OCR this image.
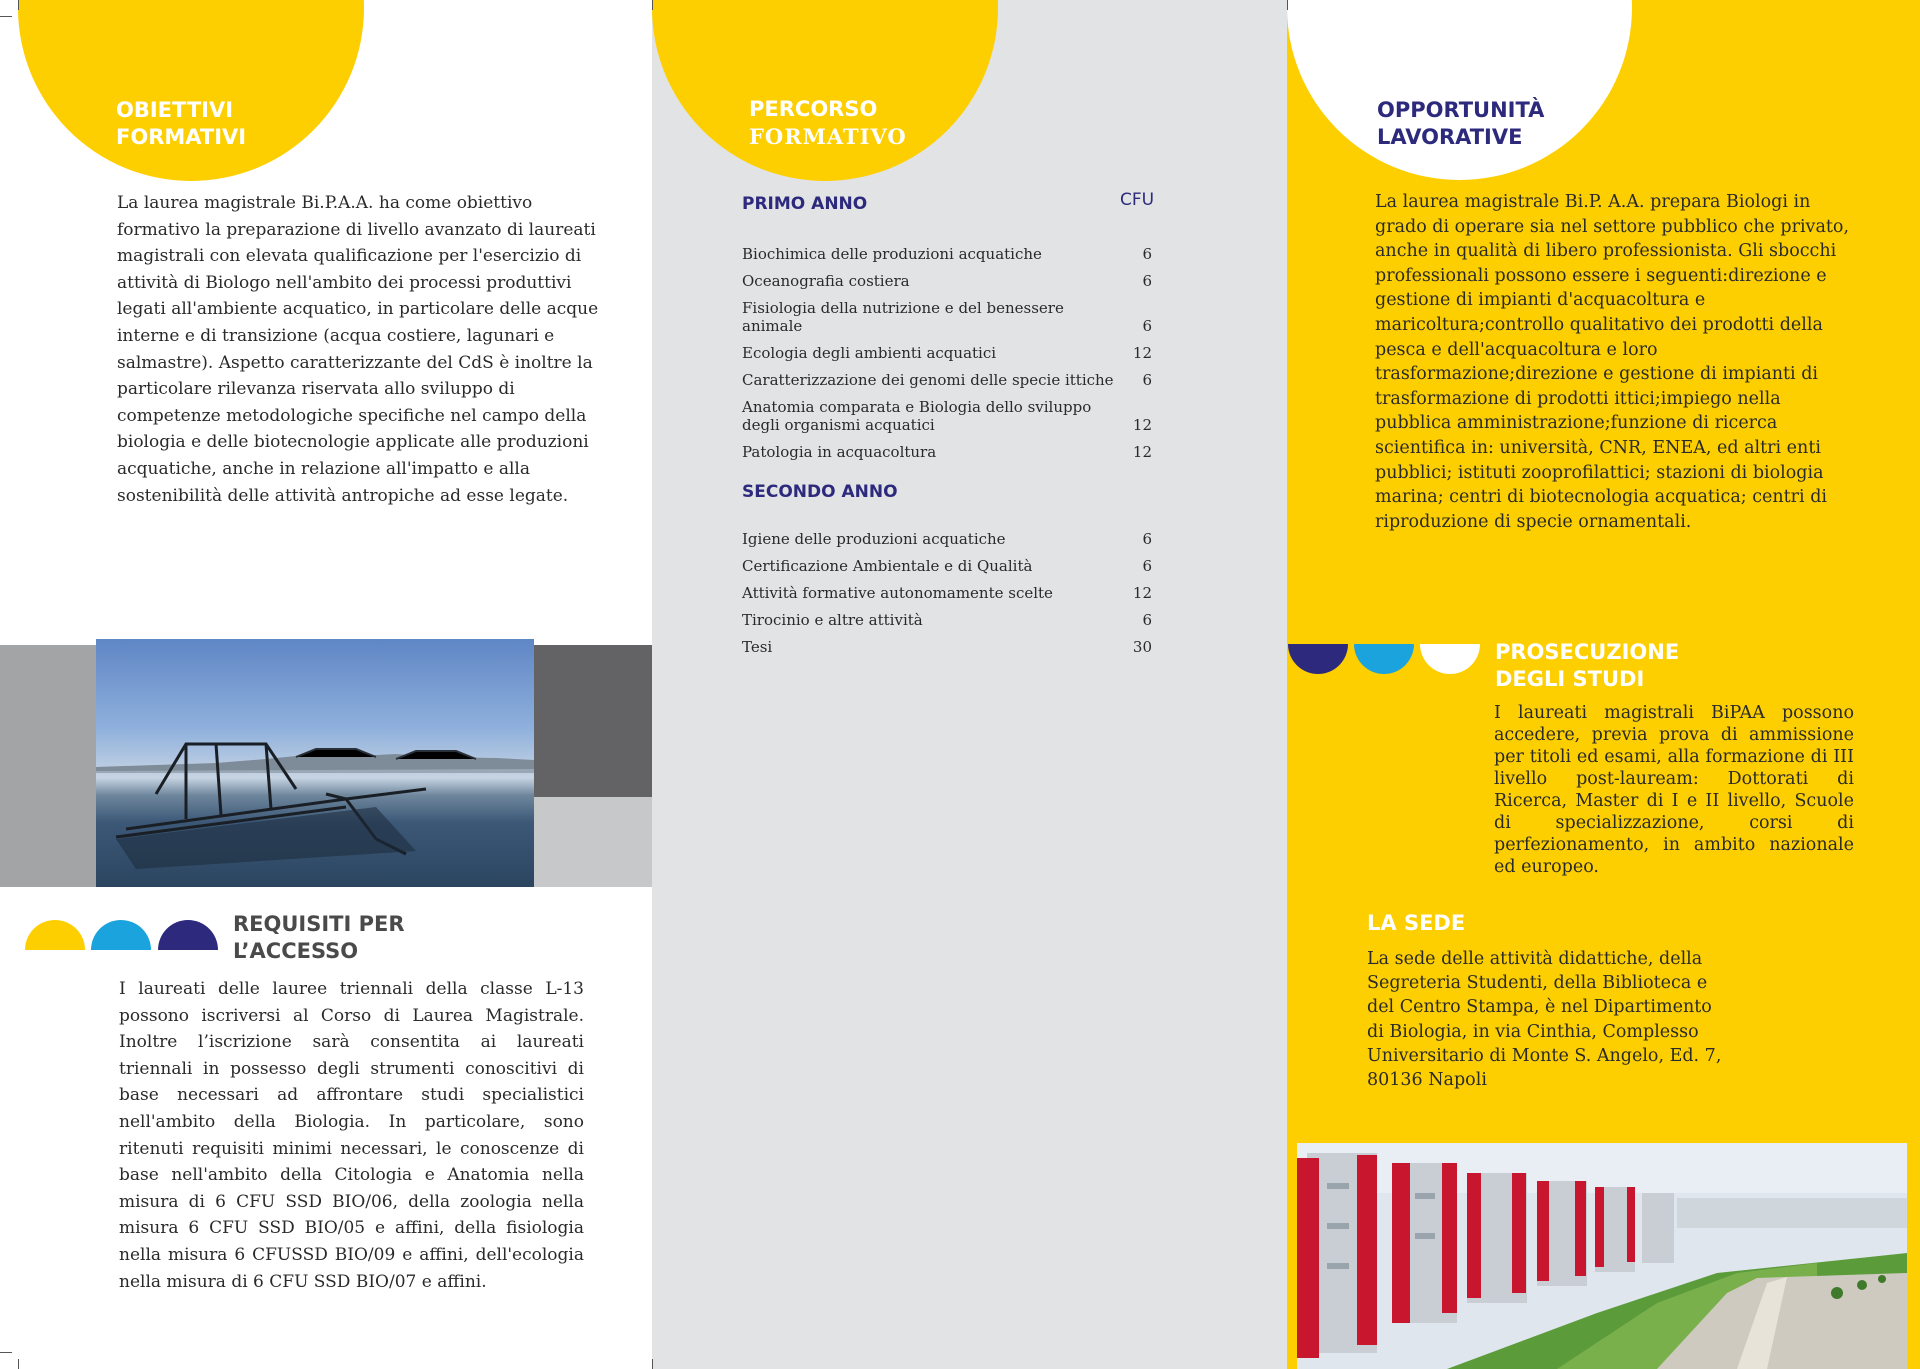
OBIETTIVI
FORMATIVI
La laurea magistrale Bi.P.A.A. ha come obiettivo formativo la preparazione di livello avanzato di laureati magistrali con elevata qualificazione per l'esercizio di attività di Biologo nell'ambito dei processi produttivi legati all'ambiente acquatico, in particolare delle acque interne e di transizione (acqua costiere, lagunari e salmastre). Aspetto caratterizzante del CdS è inoltre la particolare rilevanza riservata allo sviluppo di competenze metodologiche specifiche nel campo della biologia e delle biotecnologie applicate alle produzioni acquatiche, anche in relazione all'impatto e alla sostenibilità delle attività antropiche ad esse legate.
REQUISITI PER
L’ACCESSO
I laureati delle lauree triennali della classe L-13 possono iscriversi al Corso di Laurea Magistrale. Inoltre l’iscrizione sarà consentita ai laureati triennali in possesso degli strumenti conoscitivi di base necessari ad affrontare studi specialistici nell'ambito della Biologia. In particolare, sono ritenuti requisiti minimi necessari, le conoscenze di base nell'ambito della Citologia e Anatomia nella misura di 6 CFU SSD BIO/06, della zoologia nella misura 6 CFU SSD BIO/05 e affini, della fisiologia nella misura 6 CFUSSD BIO/09 e affini, dell'ecologia nella misura di 6 CFU SSD BIO/07 e affini.
PERCORSO
FORMATIVO
PRIMO ANNO	CFU
Biochimica delle produzioni acquatiche	6
Oceanografia costiera	6
Fisiologia della nutrizione e del benessere animale	6
Ecologia degli ambienti acquatici	12
Caratterizzazione dei genomi delle specie ittiche	6
Anatomia comparata e Biologia dello sviluppo degli organismi acquatici	12
Patologia in acquacoltura	12
SECONDO ANNO
Igiene delle produzioni acquatiche	6
Certificazione Ambientale e di Qualità	6
Attività formative autonomamente scelte	12
Tirocinio e altre attività	6
Tesi	30
OPPORTUNITÀ
LAVORATIVE
La laurea magistrale Bi.P. A.A. prepara Biologi in grado di operare sia nel settore pubblico che privato, anche in qualità di libero professionista. Gli sbocchi professionali possono essere i seguenti:direzione e gestione di impianti d'acquacoltura e maricoltura;controllo qualitativo dei prodotti della pesca e dell'acquacoltura e loro trasformazione;direzione e gestione di impianti di trasformazione di prodotti ittici;impiego nella pubblica amministrazione;funzione di ricerca scientifica in: università, CNR, ENEA, ed altri enti pubblici; istituti zooprofilattici; stazioni di biologia marina; centri di biotecnologia acquatica; centri di riproduzione di specie ornamentali.
PROSECUZIONE
DEGLI STUDI
I laureati magistrali BiPAA possono accedere, previa prova di ammissione per titoli ed esami, alla formazione di III livello post-lauream: Dottorati di Ricerca, Master di I e II livello, Scuole di specializzazione, corsi di perfezionamento, in ambito nazionale ed europeo.
LA SEDE
La sede delle attività didattiche, della Segreteria Studenti, della Biblioteca e del Centro Stampa, è nel Dipartimento di Biologia, in via Cinthia, Complesso Universitario di Monte S. Angelo, Ed. 7, 80136 Napoli
